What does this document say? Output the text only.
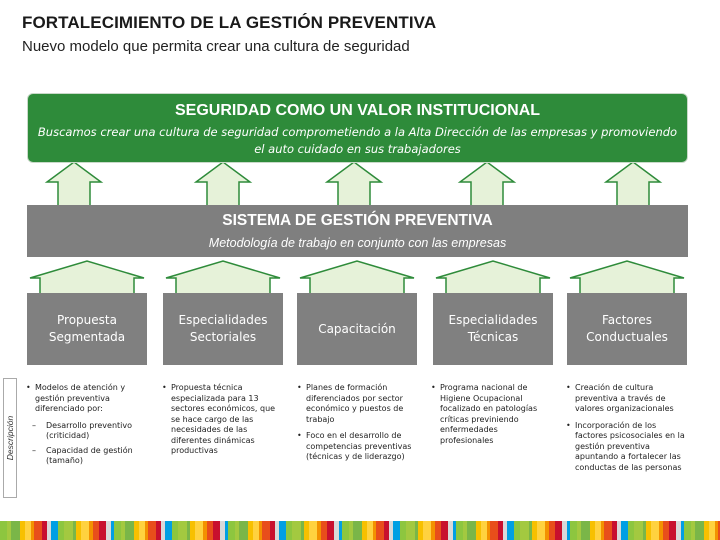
FORTALECIMIENTO DE LA GESTIÓN PREVENTIVA
Nuevo modelo que permita crear una cultura de seguridad
SEGURIDAD COMO UN VALOR INSTITUCIONAL
Buscamos crear una cultura de seguridad comprometiendo a la Alta Dirección de las empresas y promoviendo el auto cuidado en sus trabajadores
SISTEMA DE GESTIÓN PREVENTIVA
Metodología de trabajo en conjunto con las empresas
Propuesta
Segmentada
Especialidades
Sectoriales
Capacitación
Especialidades
Técnicas
Factores
Conductuales
Descripción
• Modelos de atención y gestión preventiva diferenciado por:
– Desarrollo preventivo (criticidad)
– Capacidad de gestión (tamaño)
• Propuesta técnica especializada para 13 sectores económicos, que se hace cargo de las necesidades de las diferentes dinámicas productivas
• Planes de formación diferenciados por sector económico y puestos de trabajo
• Foco en el desarrollo de competencias preventivas (técnicas y de liderazgo)
• Programa nacional de Higiene Ocupacional focalizado en patologías críticas previniendo enfermedades profesionales
• Creación de cultura preventiva a través de valores organizacionales
• Incorporación de los factores psicosociales en la gestión preventiva apuntando a fortalecer las conductas de las personas
